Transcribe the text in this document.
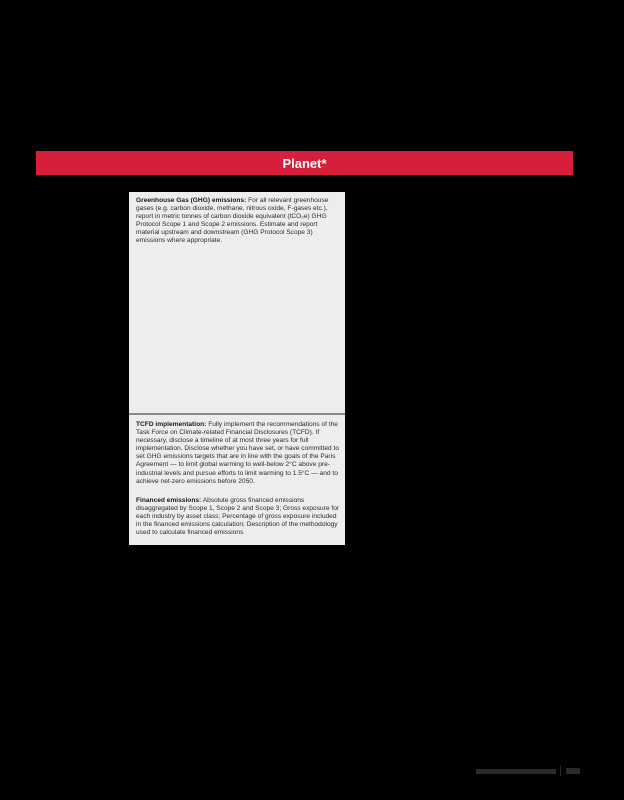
Planet*

Greenhouse Gas (GHG) emissions: For all relevant greenhouse gases (e.g. carbon dioxide, methane, nitrous oxide, F-gases etc.), report in metric tonnes of carbon dioxide equivalent (tCO₂e) GHG Protocol Scope 1 and Scope 2 emissions. Estimate and report material upstream and downstream (GHG Protocol Scope 3) emissions where appropriate.

TCFD implementation: Fully implement the recommendations of the Task Force on Climate-related Financial Disclosures (TCFD). If necessary, disclose a timeline of at most three years for full implementation. Disclose whether you have set, or have committed to set GHG emissions targets that are in line with the goals of the Paris Agreement — to limit global warming to well-below 2°C above pre-industrial levels and pursue efforts to limit warming to 1.5°C — and to achieve net-zero emissions before 2050.

Financed emissions: Absolute gross financed emissions disaggregated by Scope 1, Scope 2 and Scope 3; Gross exposure for each industry by asset class; Percentage of gross exposure included in the financed emissions calculation; Description of the methodology used to calculate financed emissions
